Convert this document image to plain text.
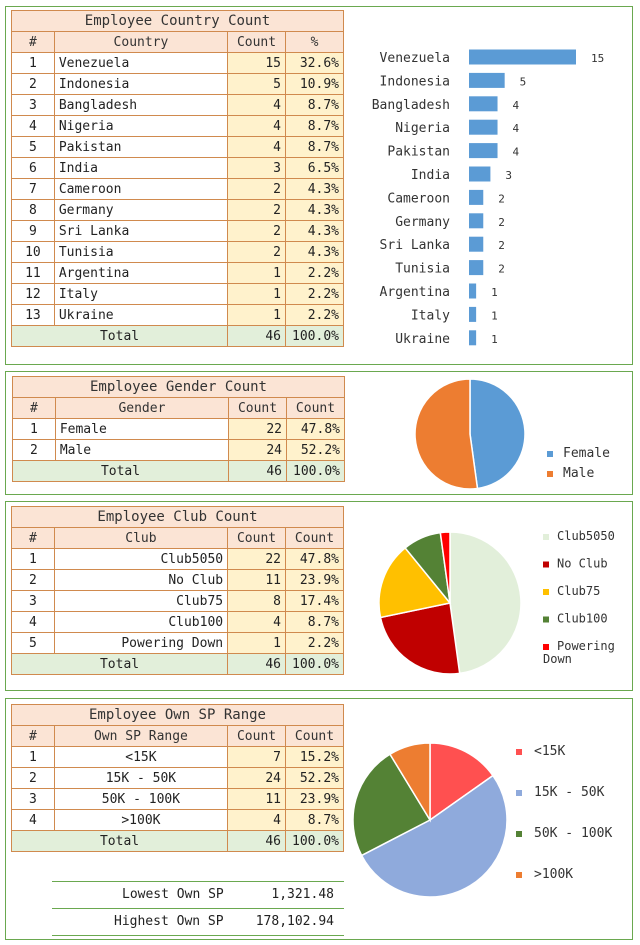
Employee Country Count			
#	Country	Count	%
1	Venezuela	15	32.6%
2	Indonesia	5	10.9%
3	Bangladesh	4	8.7%
4	Nigeria	4	8.7%
5	Pakistan	4	8.7%
6	India	3	6.5%
7	Cameroon	2	4.3%
8	Germany	2	4.3%
9	Sri Lanka	2	4.3%
10	Tunisia	2	4.3%
11	Argentina	1	2.2%
12	Italy	1	2.2%
13	Ukraine	1	2.2%
Total		46	100.0%
Venezuela	15
Indonesia	5
Bangladesh	4
Nigeria	4
Pakistan	4
India	3
Cameroon	2
Germany	2
Sri Lanka	2
Tunisia	2
Argentina	1
Italy	1
Ukraine	1
Employee Gender Count			
#	Gender	Count	Count
1	Female	22	47.8%
2	Male	24	52.2%
Total		46	100.0%
Female
Male
Employee Club Count			
#	Club	Count	Count
1	Club5050	22	47.8%
2	No Club	11	23.9%
3	Club75	8	17.4%
4	Club100	4	8.7%
5	Powering Down	1	2.2%
Total		46	100.0%
Club5050
No Club
Club75
Club100
Powering Down
Employee Own SP Range			
#	Own SP Range	Count	Count
1	<15K	7	15.2%
2	15K - 50K	24	52.2%
3	50K - 100K	11	23.9%
4	>100K	4	8.7%
Total		46	100.0%
Lowest Own SP	1,321.48
Highest Own SP 178,102.94
<15K
15K - 50K
50K - 100K
>100K
